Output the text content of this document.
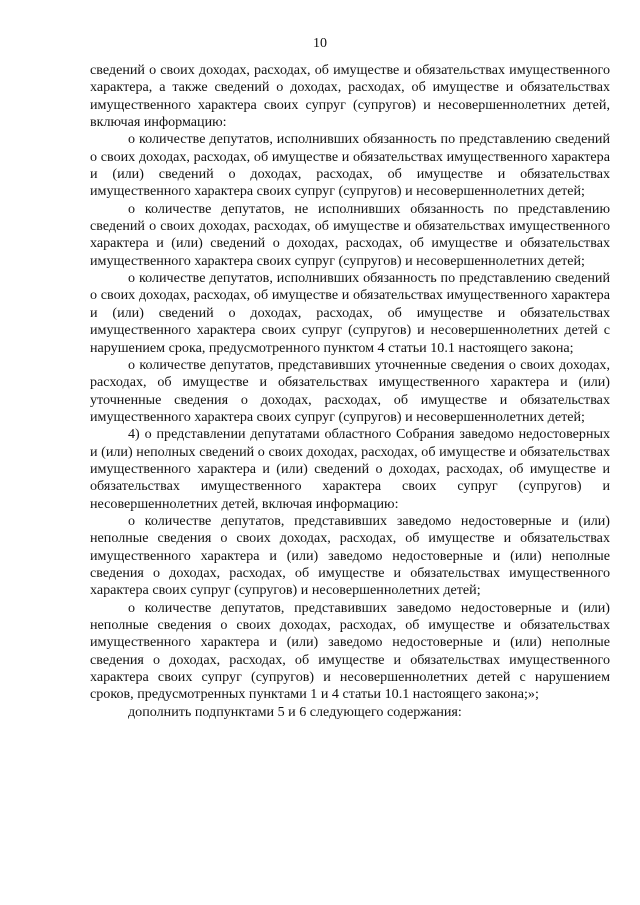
10

сведений о своих доходах, расходах, об имуществе и обязательствах имущественного характера, а также сведений о доходах, расходах, об имуществе и обязательствах имущественного характера своих супруг (супругов) и несовершеннолетних детей, включая информацию:

о количестве депутатов, исполнивших обязанность по представлению сведений о своих доходах, расходах, об имуществе и обязательствах имущественного характера и (или) сведений о доходах, расходах, об имуществе и обязательствах имущественного характера своих супруг (супругов) и несовершеннолетних детей;

о количестве депутатов, не исполнивших обязанность по представлению сведений о своих доходах, расходах, об имуществе и обязательствах имущественного характера и (или) сведений о доходах, расходах, об имуществе и обязательствах имущественного характера своих супруг (супругов) и несовершеннолетних детей;

о количестве депутатов, исполнивших обязанность по представлению сведений о своих доходах, расходах, об имуществе и обязательствах имущественного характера и (или) сведений о доходах, расходах, об имуществе и обязательствах имущественного характера своих супруг (супругов) и несовершеннолетних детей с нарушением срока, предусмотренного пунктом 4 статьи 10.1 настоящего закона;

о количестве депутатов, представивших уточненные сведения о своих доходах, расходах, об имуществе и обязательствах имущественного характера и (или) уточненные сведения о доходах, расходах, об имуществе и обязательствах имущественного характера своих супруг (супругов) и несовершеннолетних детей;

4) о представлении депутатами областного Собрания заведомо недостоверных и (или) неполных сведений о своих доходах, расходах, об имуществе и обязательствах имущественного характера и (или) сведений о доходах, расходах, об имуществе и обязательствах имущественного характера своих супруг (супругов) и несовершеннолетних детей, включая информацию:

о количестве депутатов, представивших заведомо недостоверные и (или) неполные сведения о своих доходах, расходах, об имуществе и обязательствах имущественного характера и (или) заведомо недостоверные и (или) неполные сведения о доходах, расходах, об имуществе и обязательствах имущественного характера своих супруг (супругов) и несовершеннолетних детей;

о количестве депутатов, представивших заведомо недостоверные и (или) неполные сведения о своих доходах, расходах, об имуществе и обязательствах имущественного характера и (или) заведомо недостоверные и (или) неполные сведения о доходах, расходах, об имуществе и обязательствах имущественного характера своих супруг (супругов) и несовершеннолетних детей с нарушением сроков, предусмотренных пунктами 1 и 4 статьи 10.1 настоящего закона;»;

дополнить подпунктами 5 и 6 следующего содержания:
